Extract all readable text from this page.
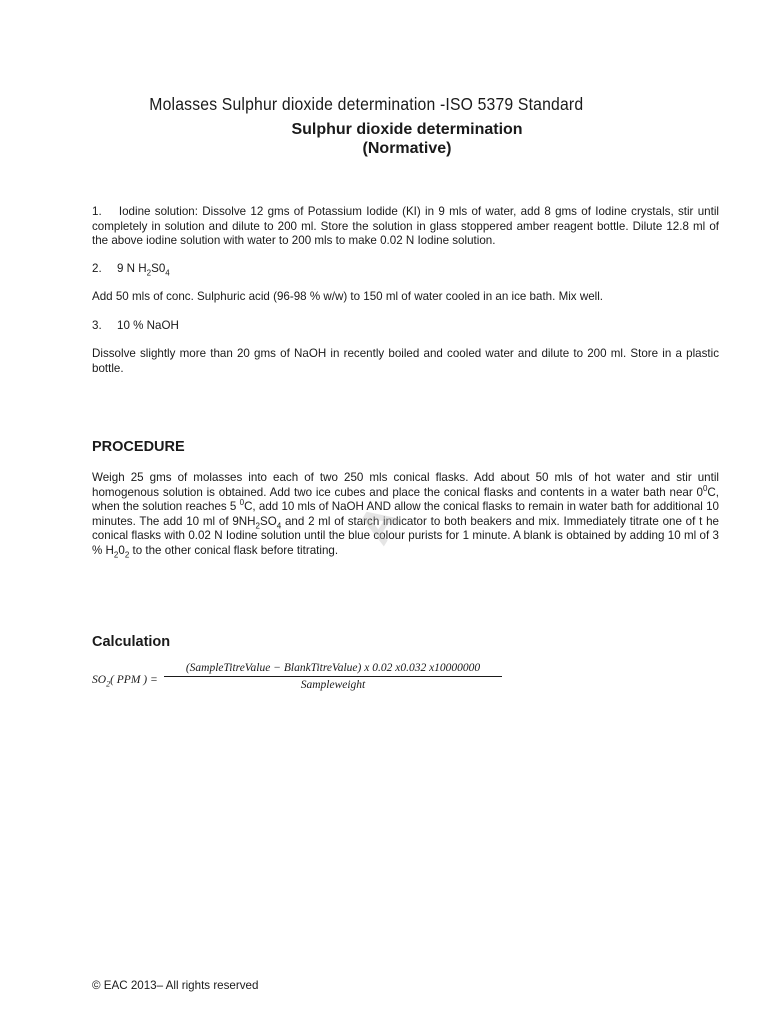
Molasses Sulphur dioxide determination -ISO 5379 Standard
Sulphur dioxide determination
(Normative)
1. Iodine solution: Dissolve 12 gms of Potassium Iodide (KI) in 9 mls of water, add 8 gms of Iodine crystals, stir until completely in solution and dilute to 200 ml. Store the solution in glass stoppered amber reagent bottle. Dilute 12.8 ml of the above iodine solution with water to 200 mls to make 0.02 N Iodine solution.
2. 9 N $H_2S0_4$
Add 50 mls of conc. Sulphuric acid (96-98 % w/w) to 150 ml of water cooled in an ice bath. Mix well.
3. 10 % NaOH
Dissolve slightly more than 20 gms of NaOH in recently boiled and cooled water and dilute to 200 ml. Store in a plastic bottle.
PROCEDURE
Weigh 25 gms of molasses into each of two 250 mls conical flasks. Add about 50 mls of hot water and stir until homogenous solution is obtained. Add two ice cubes and place the conical flasks and contents in a water bath near $0^0C$, when the solution reaches 5 $^0$C, add 10 mls of NaOH AND allow the conical flasks to remain in water bath for additional 10 minutes. The add 10 ml of $9NH_2SO_4$ and 2 ml of starch indicator to both beakers and mix. Immediately titrate one of t he conical flasks with 0.02 N Iodine solution until the blue colour purists for 1 minute. A blank is obtained by adding 10 ml of 3 % $H_20_2$ to the other conical flask before titrating. A
Calculation
$SO_2$( PPM ) =
(SampleTitreValue − BlankTitreValue) x 0.02 x0.032 x10000000
Sampleweight
© EAC 2013– All rights reserved
